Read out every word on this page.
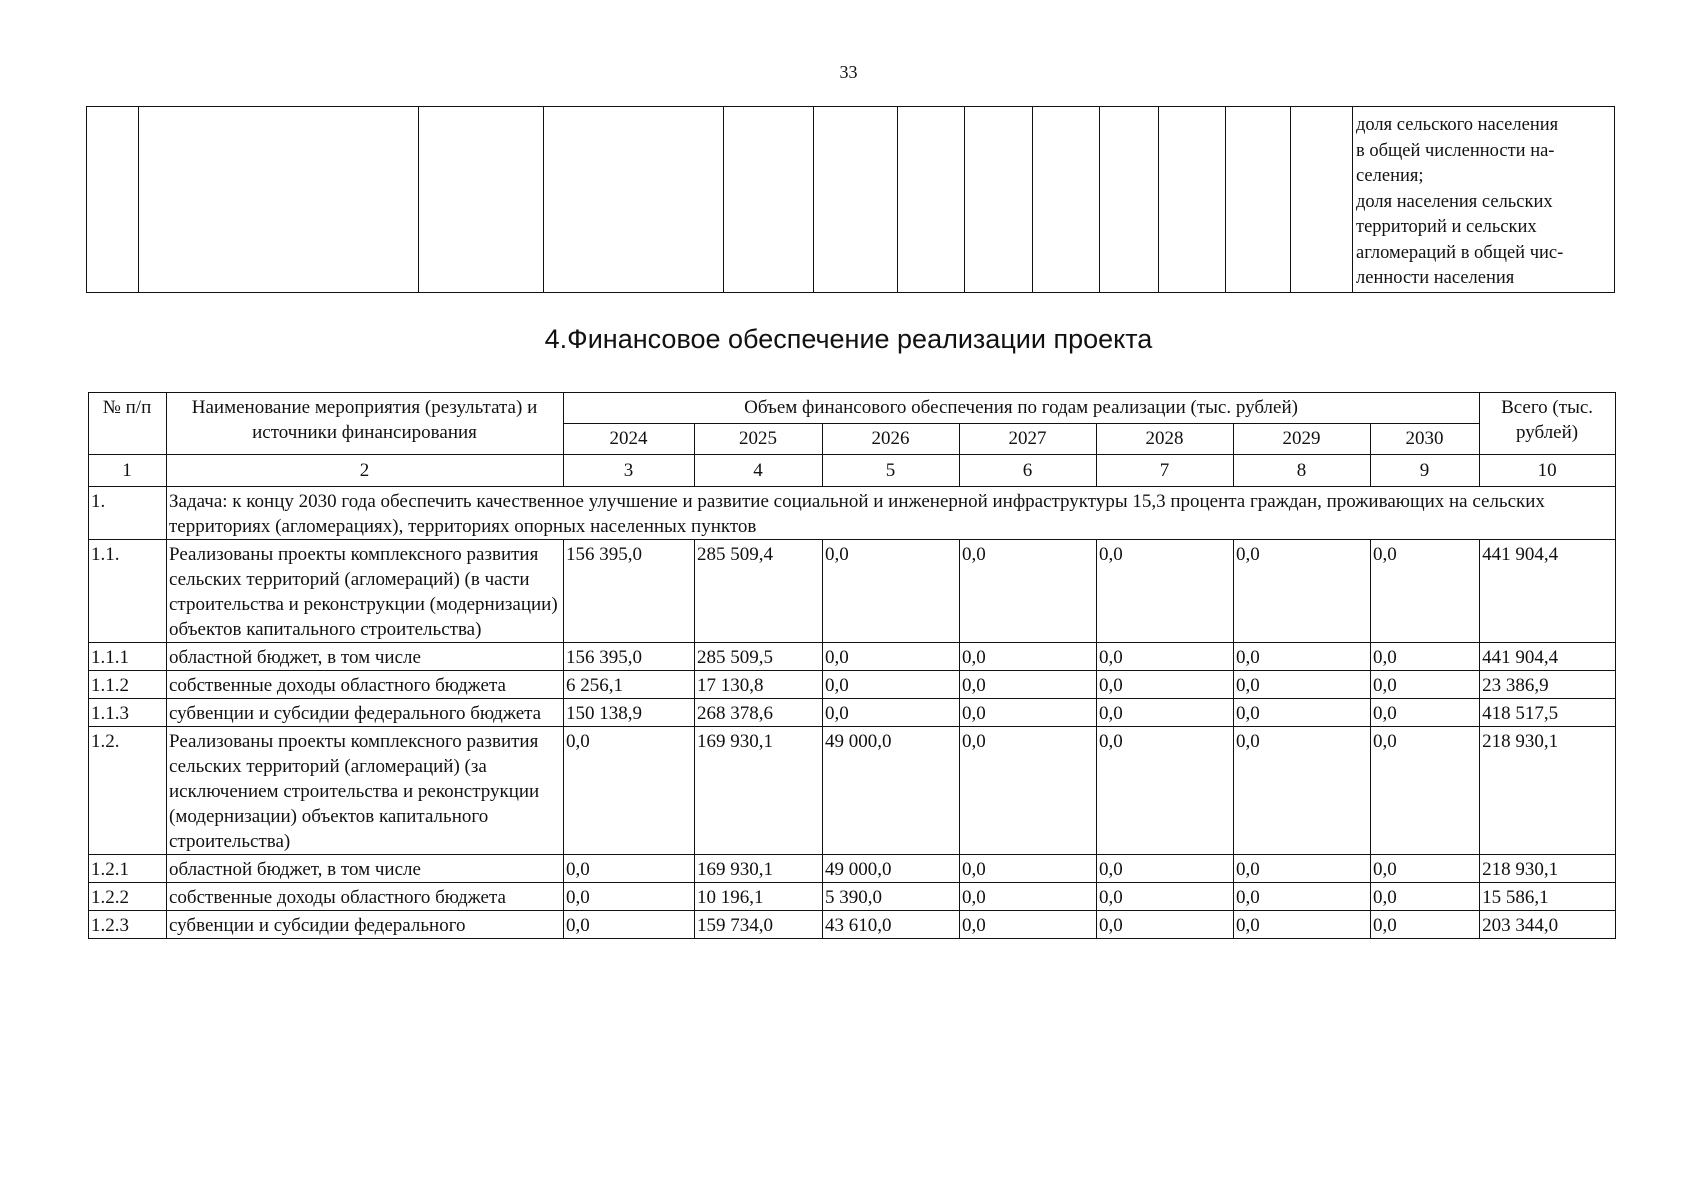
33

доля сельского населения
в общей численности на-
селения;
доля населения сельских
территорий и сельских
агломераций в общей чис-
ленности населения
4.Финансовое обеспечение реализации проекта
№ п/п	Наименование мероприятия (результата) и источники финансирования	Объем финансового обеспечения по годам реализации (тыс. рублей)							Всего (тыс. рублей)
		2024	2025	2026	2027	2028	2029	2030	
1	2	3	4	5	6	7	8	9	10
1.	Задача: к концу 2030 года обеспечить качественное улучшение и развитие социальной и инженерной инфраструктуры 15,3 процента граждан, проживающих на сельских территориях (агломерациях), территориях опорных населенных пунктов								
1.1.	Реализованы проекты комплексного развития сельских территорий (агломераций) (в части строительства и реконструкции (модернизации) объектов капитального строительства)	156 395,0	285 509,4	0,0	0,0	0,0	0,0	0,0	441 904,4
1.1.1	областной бюджет, в том числе	156 395,0	285 509,5	0,0	0,0	0,0	0,0	0,0	441 904,4
1.1.2	собственные доходы областного бюджета	6 256,1	17 130,8	0,0	0,0	0,0	0,0	0,0	23 386,9
1.1.3	субвенции и субсидии федерального бюджета	150 138,9	268 378,6	0,0	0,0	0,0	0,0	0,0	418 517,5
1.2.	Реализованы проекты комплексного развития сельских территорий (агломераций) (за исключением строительства и реконструкции (модернизации) объектов капитального строительства)	0,0	169 930,1	49 000,0	0,0	0,0	0,0	0,0	218 930,1
1.2.1	областной бюджет, в том числе	0,0	169 930,1	49 000,0	0,0	0,0	0,0	0,0	218 930,1
1.2.2	собственные доходы областного бюджета	0,0	10 196,1	5 390,0	0,0	0,0	0,0	0,0	15 586,1
1.2.3	субвенции и субсидии федерального	0,0	159 734,0	43 610,0	0,0	0,0	0,0	0,0	203 344,0
